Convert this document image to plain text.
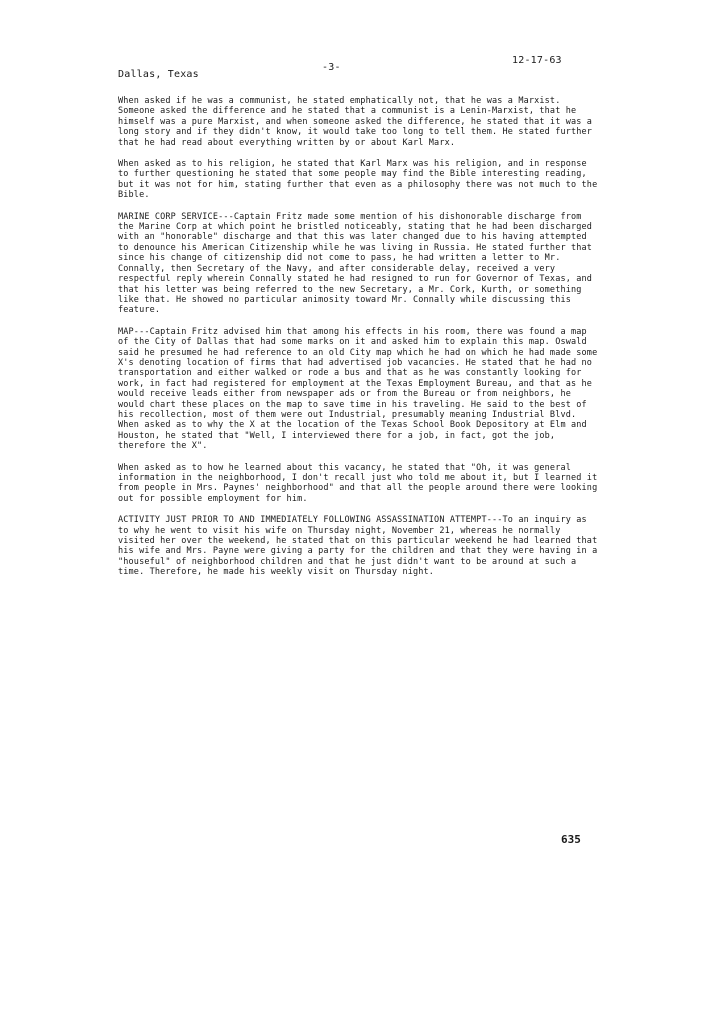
12-17-63
-3-
Dallas, Texas

When asked if he was a communist, he stated emphatically not, that he was a Marxist. Someone asked the difference and he stated that a communist is a Lenin-Marxist, that he himself was a pure Marxist, and when someone asked the difference, he stated that it was a long story and if they didn't know, it would take too long to tell them. He stated further that he had read about everything written by or about Karl Marx.

When asked as to his religion, he stated that Karl Marx was his religion, and in response to further questioning he stated that some people may find the Bible interesting reading, but it was not for him, stating further that even as a philosophy there was not much to the Bible.

MARINE CORP SERVICE---Captain Fritz made some mention of his dishonorable discharge from the Marine Corp at which point he bristled noticeably, stating that he had been discharged with an "honorable" discharge and that this was later changed due to his having attempted to denounce his American Citizenship while he was living in Russia. He stated further that since his change of citizenship did not come to pass, he had written a letter to Mr. Connally, then Secretary of the Navy, and after considerable delay, received a very respectful reply wherein Connally stated he had resigned to run for Governor of Texas, and that his letter was being referred to the new Secretary, a Mr. Cork, Kurth, or something like that. He showed no particular animosity toward Mr. Connally while discussing this feature.

MAP---Captain Fritz advised him that among his effects in his room, there was found a map of the City of Dallas that had some marks on it and asked him to explain this map. Oswald said he presumed he had reference to an old City map which he had on which he had made some X's denoting location of firms that had advertised job vacancies. He stated that he had no transportation and either walked or rode a bus and that as he was constantly looking for work, in fact had registered for employment at the Texas Employment Bureau, and that as he would receive leads either from newspaper ads or from the Bureau or from neighbors, he would chart these places on the map to save time in his traveling. He said to the best of his recollection, most of them were out Industrial, presumably meaning Industrial Blvd. When asked as to why the X at the location of the Texas School Book Depository at Elm and Houston, he stated that "Well, I interviewed there for a job, in fact, got the job, therefore the X".

When asked as to how he learned about this vacancy, he stated that "Oh, it was general information in the neighborhood, I don't recall just who told me about it, but I learned it from people in Mrs. Paynes' neighborhood" and that all the people around there were looking out for possible employment for him.

ACTIVITY JUST PRIOR TO AND IMMEDIATELY FOLLOWING ASSASSINATION ATTEMPT---To an inquiry as to why he went to visit his wife on Thursday night, November 21, whereas he normally visited her over the weekend, he stated that on this particular weekend he had learned that his wife and Mrs. Payne were giving a party for the children and that they were having in a "houseful" of neighborhood children and that he just didn't want to be around at such a time. Therefore, he made his weekly visit on Thursday night.

635
